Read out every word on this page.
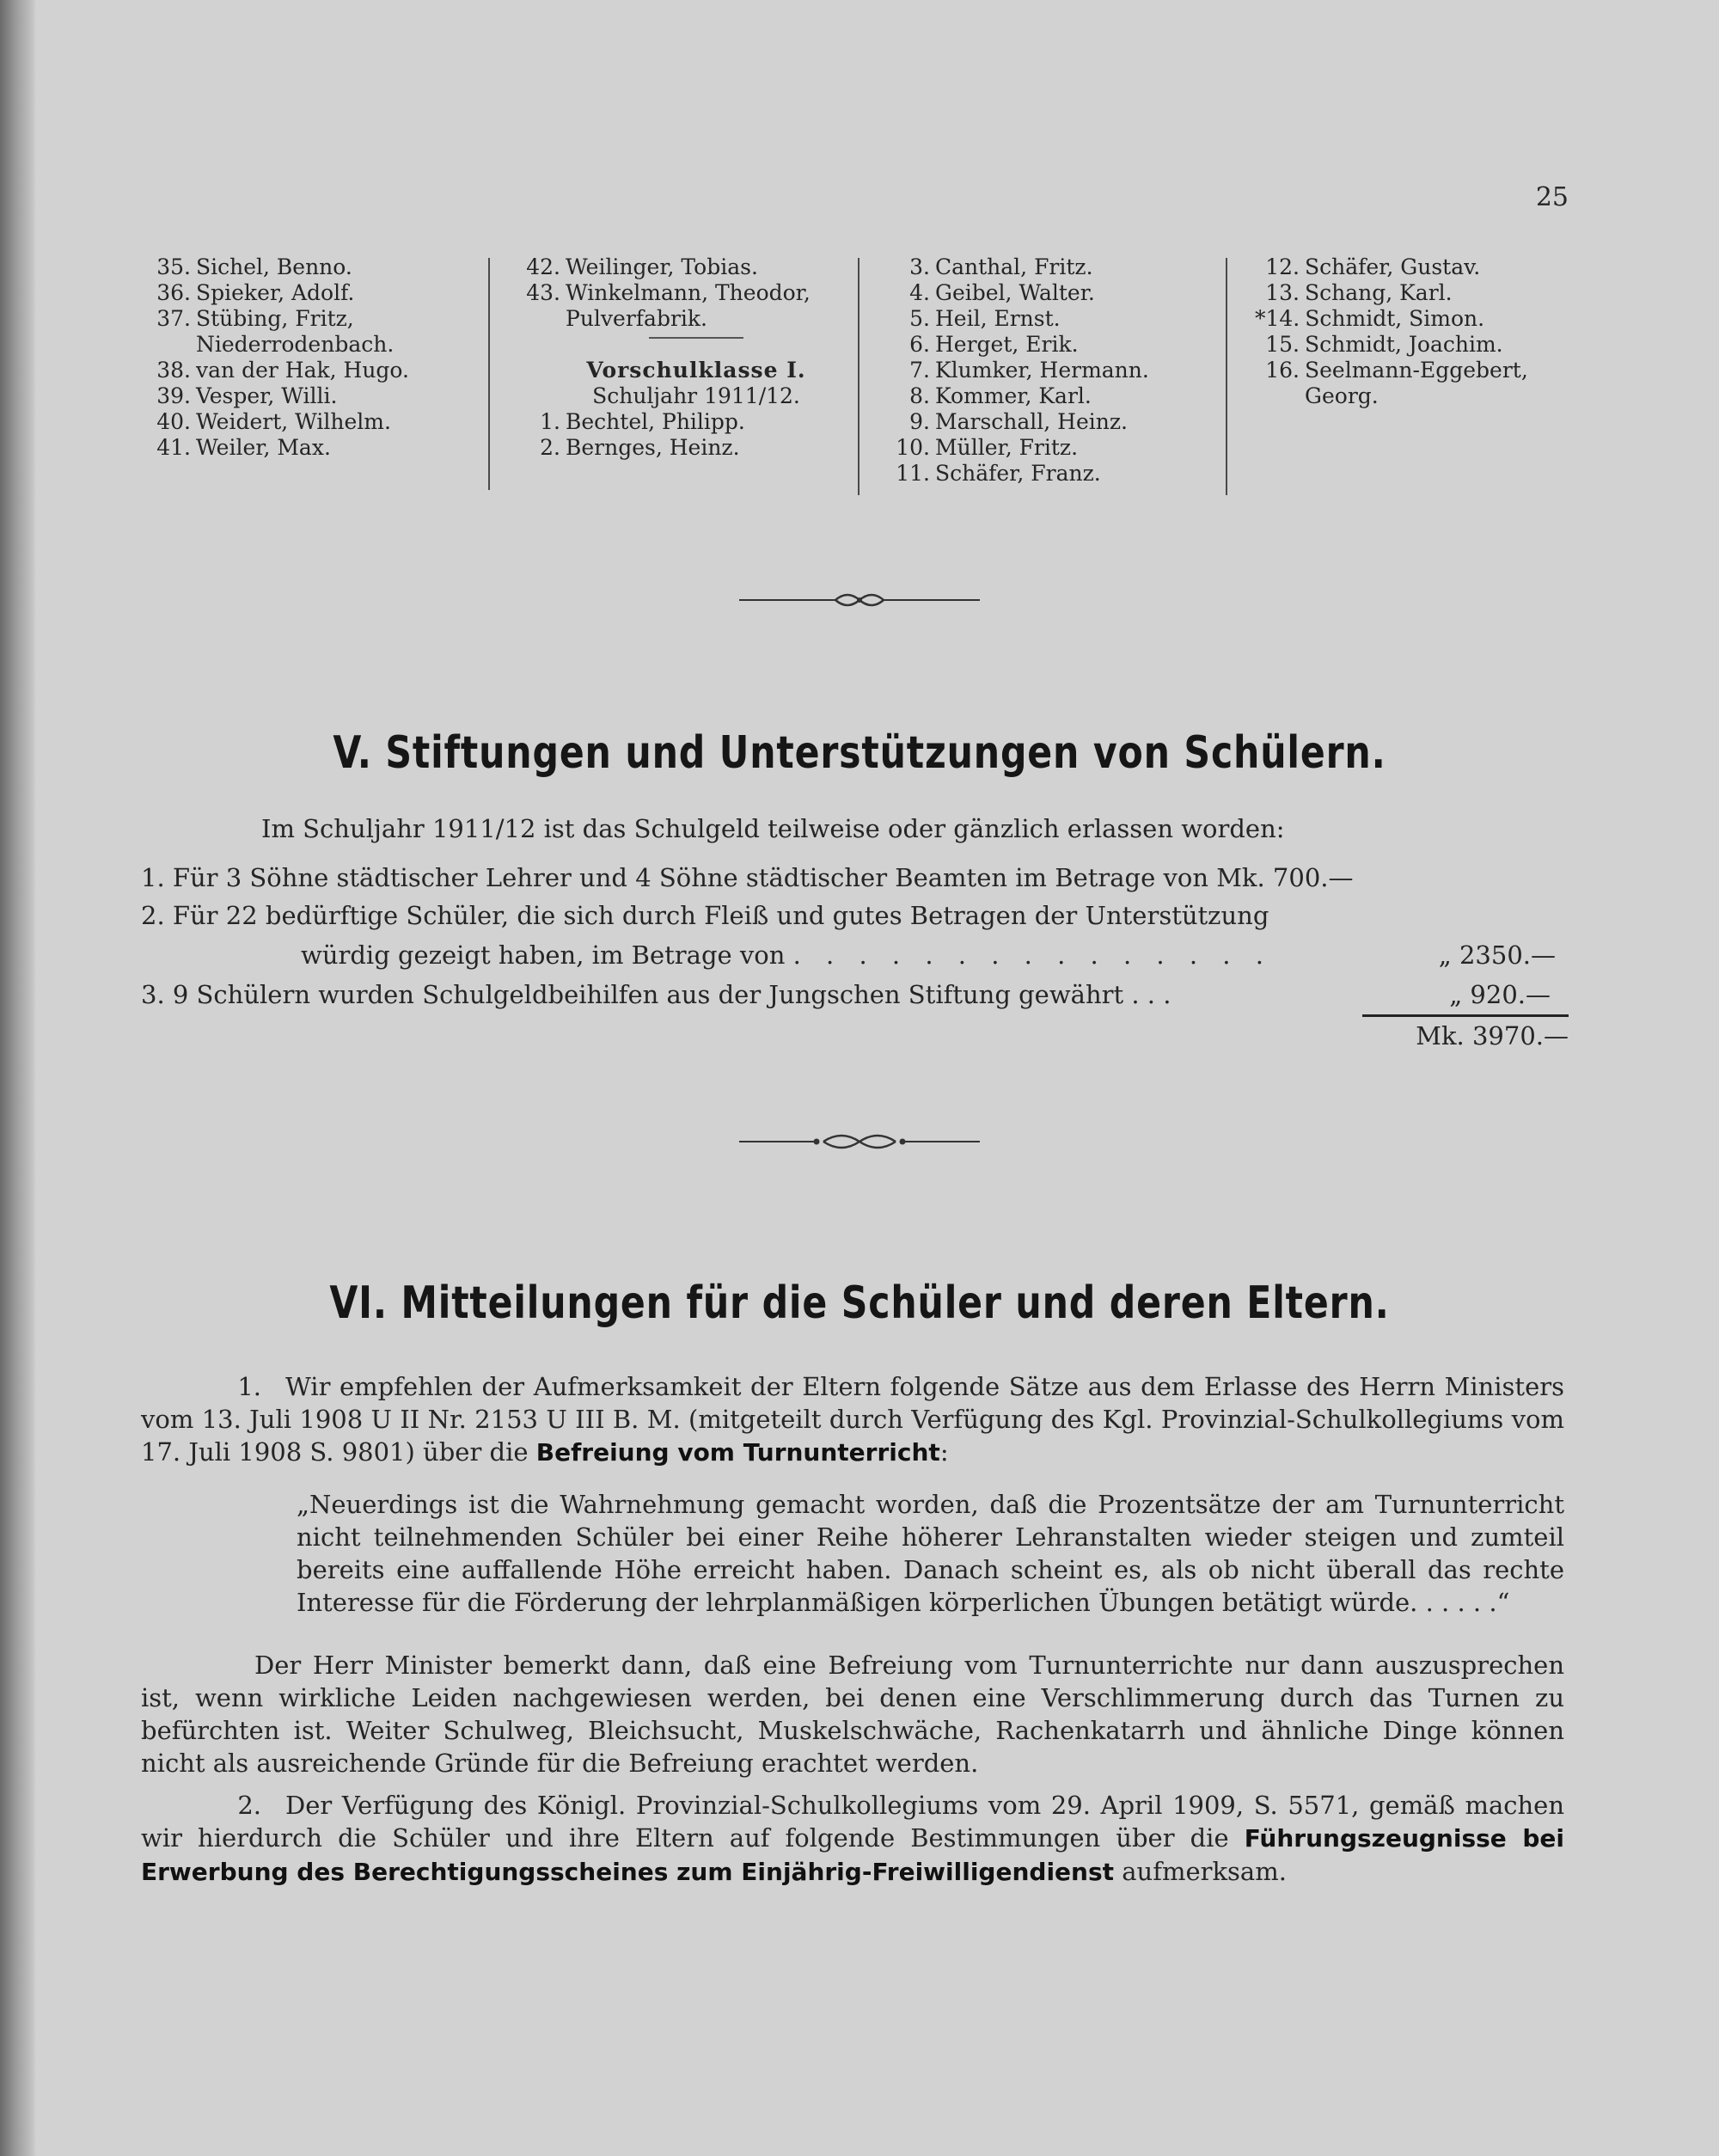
25
35. Sichel, Benno.
36. Spieker, Adolf.
37. Stübing, Fritz,
Niederrodenbach.
38. van der Hak, Hugo.
39. Vesper, Willi.
40. Weidert, Wilhelm.
41. Weiler, Max.
42. Weilinger, Tobias.
43. Winkelmann, Theodor,
Pulverfabrik.
Vorschulklasse I.
Schuljahr 1911/12.
1. Bechtel, Philipp.
2. Bernges, Heinz.
3. Canthal, Fritz.
4. Geibel, Walter.
5. Heil, Ernst.
6. Herget, Erik.
7. Klumker, Hermann.
8. Kommer, Karl.
9. Marschall, Heinz.
10. Müller, Fritz.
11. Schäfer, Franz.
12. Schäfer, Gustav.
13. Schang, Karl.
*14. Schmidt, Simon.
15. Schmidt, Joachim.
16. Seelmann-Eggebert,
Georg.
V. Stiftungen und Unterstützungen von Schülern.
Im Schuljahr 1911/12 ist das Schulgeld teilweise oder gänzlich erlassen worden:
1. Für 3 Söhne städtischer Lehrer und 4 Söhne städtischer Beamten im Betrage von Mk. 700.—
2. Für 22 bedürftige Schüler, die sich durch Fleiß und gutes Betragen der Unterstützung
würdig gezeigt haben, im Betrage von . . . . . . . . . . . . . . .	„ 2350.—
3. 9 Schülern wurden Schulgeldbeihilfen aus der Jungschen Stiftung gewährt . . .	„ 920.—
Mk. 3970.—
VI. Mitteilungen für die Schüler und deren Eltern.
1. Wir empfehlen der Aufmerksamkeit der Eltern folgende Sätze aus dem Erlasse des Herrn Ministers vom 13. Juli 1908 U II Nr. 2153 U III B. M. (mitgeteilt durch Verfügung des Kgl. Provinzial-Schulkollegiums vom 17. Juli 1908 S. 9801) über die Befreiung vom Turnunterricht:
„Neuerdings ist die Wahrnehmung gemacht worden, daß die Prozentsätze der am Turnunterricht nicht teilnehmenden Schüler bei einer Reihe höherer Lehranstalten wieder steigen und zumteil bereits eine auffallende Höhe erreicht haben. Danach scheint es, als ob nicht überall das rechte Interesse für die Förderung der lehrplanmäßigen körperlichen Übungen betätigt würde. . . . . .“
Der Herr Minister bemerkt dann, daß eine Befreiung vom Turnunterrichte nur dann auszusprechen ist, wenn wirkliche Leiden nachgewiesen werden, bei denen eine Verschlimmerung durch das Turnen zu befürchten ist. Weiter Schulweg, Bleichsucht, Muskelschwäche, Rachenkatarrh und ähnliche Dinge können nicht als ausreichende Gründe für die Befreiung erachtet werden.
2. Der Verfügung des Königl. Provinzial-Schulkollegiums vom 29. April 1909, S. 5571, gemäß machen wir hierdurch die Schüler und ihre Eltern auf folgende Bestimmungen über die Führungszeugnisse bei Erwerbung des Berechtigungsscheines zum Einjährig-Freiwilligendienst aufmerksam.
